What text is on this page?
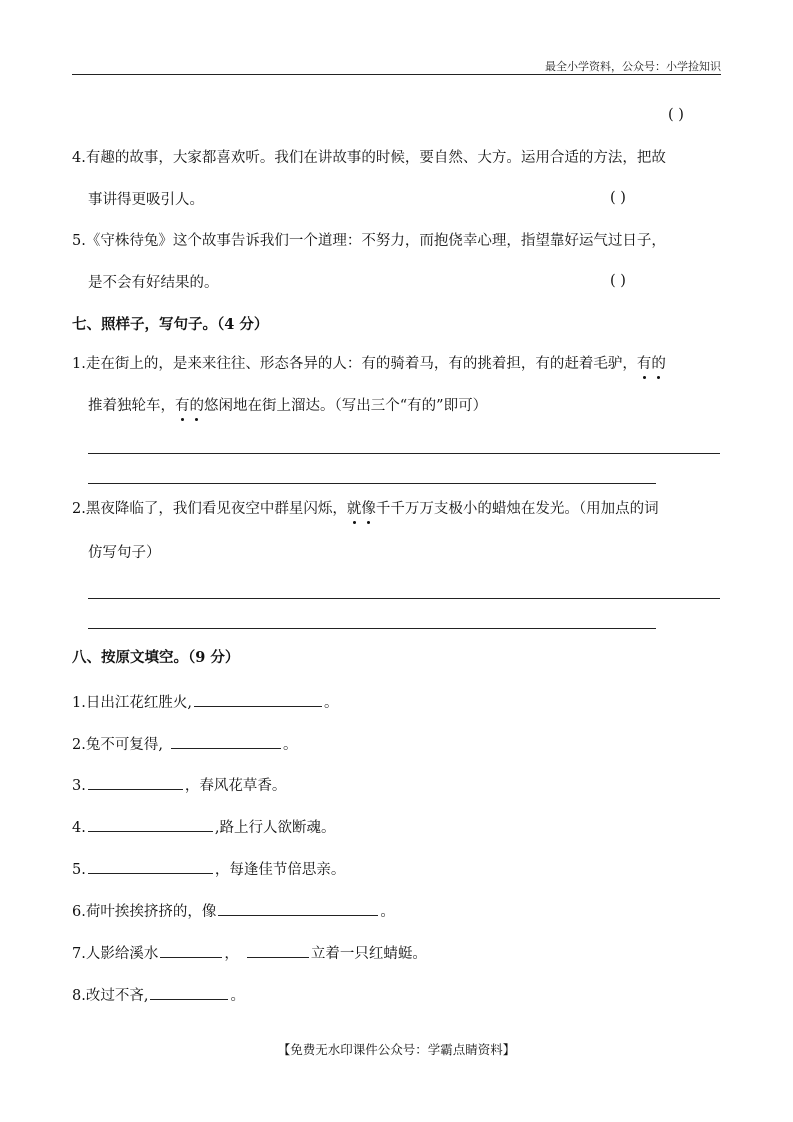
最全小学资料，公众号：小学捡知识
( )
4.有趣的故事，大家都喜欢听。我们在讲故事的时候，要自然、大方。运用合适的方法，把故
事讲得更吸引人。	( )
5.《守株待兔》这个故事告诉我们一个道理：不努力，而抱侥幸心理，指望靠好运气过日子，
是不会有好结果的。	( )
七、照样子，写句子。（4 分）
1.走在街上的，是来来往往、形态各异的人：有的骑着马，有的挑着担，有的赶着毛驴，有的
推着独轮车，有的悠闲地在街上溜达。（写出三个“有的”即可）
2.黑夜降临了，我们看见夜空中群星闪烁，就像千千万万支极小的蜡烛在发光。（用加点的词
仿写句子）
八、按原文填空。（9 分）
1.日出江花红胜火,	。
2.兔不可复得,	。
3.	，春风花草香。
4.	,路上行人欲断魂。
5.	，每逢佳节倍思亲。
6.荷叶挨挨挤挤的，像	。
7.人影给溪水	，	立着一只红蜻蜓。
8.改过不吝,	。
【免费无水印课件公众号：学霸点睛资料】
